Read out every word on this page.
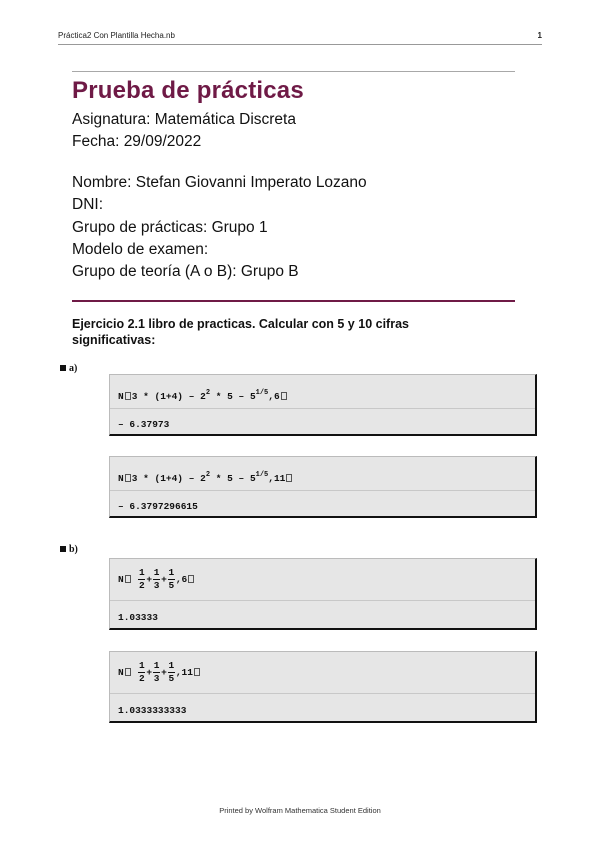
Práctica2 Con Plantilla Hecha.nb	1
Prueba de prácticas
Asignatura: Matemática Discreta
Fecha: 29/09/2022
Nombre: Stefan Giovanni Imperato Lozano
DNI:
Grupo de prácticas: Grupo 1
Modelo de examen:
Grupo de teoría (A o B): Grupo B
Ejercicio 2.1 libro de practicas. Calcular con 5 y 10 cifras significativas:
a)
N $3 * (1+4) - 2^2 * 5 - 5^{1/5},6$
– 6.37973
N $3 * (1+4) - 2^2 * 5 - 5^{1/5},11$
– 6.3797296615
b)
N $\frac{1}{2} + \frac{1}{3} + \frac{1}{5} ,6$
1.03333
N $\frac{1}{2} + \frac{1}{3} + \frac{1}{5} ,11$
1.0333333333
Printed by Wolfram Mathematica Student Edition
